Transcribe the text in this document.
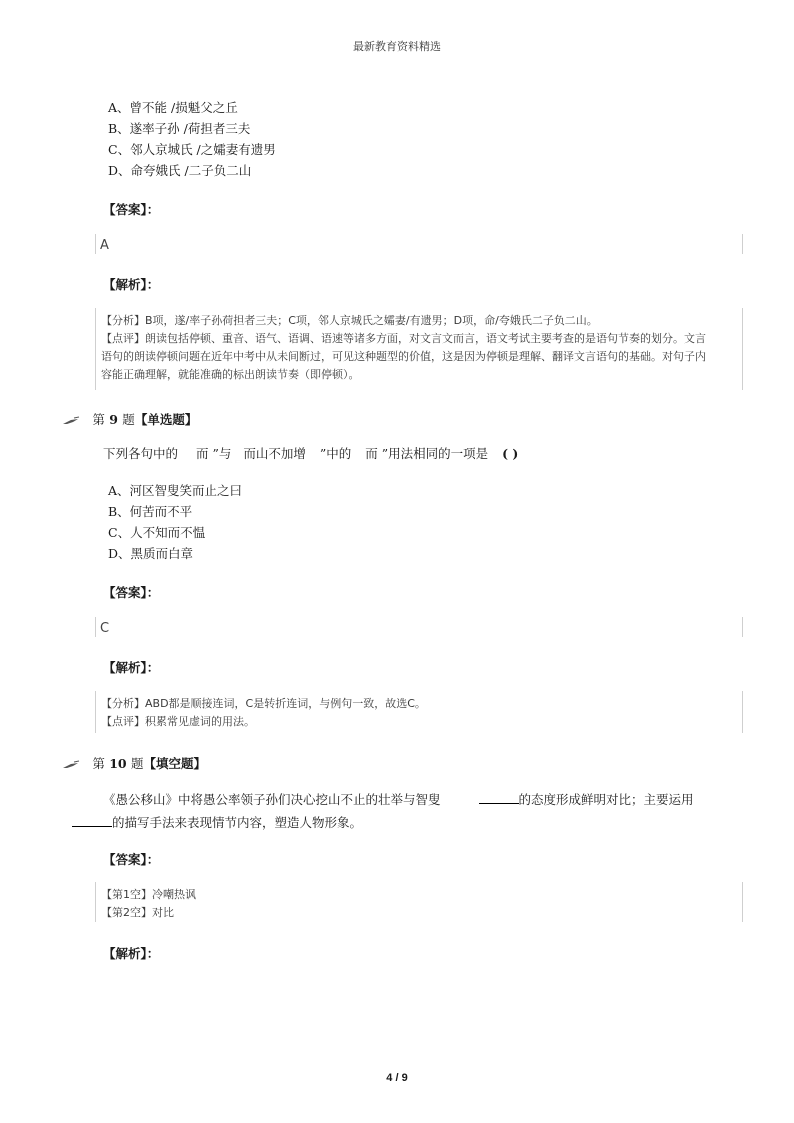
最新教育资料精选
A、曾不能 /损魁父之丘
B、遂率子孙 /荷担者三夫
C、邻人京城氏 /之孀妻有遗男
D、命夸娥氏 /二子负二山
【答案】：
A
【解析】：
【分析】B项，遂/率子孙荷担者三夫；C项，邻人京城氏之孀妻/有遗男；D项，命/夸娥氏二子负二山。
【点评】朗读包括停顿、重音、语气、语调、语速等诸多方面，对文言文而言，语文考试主要考查的是语句节奏的划分。文言
语句的朗读停顿问题在近年中考中从未间断过，可见这种题型的价值，这是因为停顿是理解、翻译文言语句的基础。对句子内
容能正确理解，就能准确的标出朗读节奏（即停顿）。
第 9 题【单选题】
下列各句中的 而 ”与 而山不加增 ”中的 而 ”用法相同的一项是 ( )
A、河区智叟笑而止之曰
B、何苦而不平
C、人不知而不愠
D、黑质而白章
【答案】：
C
【解析】：
【分析】ABD都是顺接连词，C是转折连词，与例句一致，故选C。
【点评】积累常见虚词的用法。
第 10 题【填空题】
《愚公移山》中将愚公率领子孙们决心挖山不止的壮举与智叟	的态度形成鲜明对比；主要运用
的描写手法来表现情节内容，塑造人物形象。
【答案】：
【第1空】冷嘲热讽
【第2空】对比
【解析】：
4 / 9
